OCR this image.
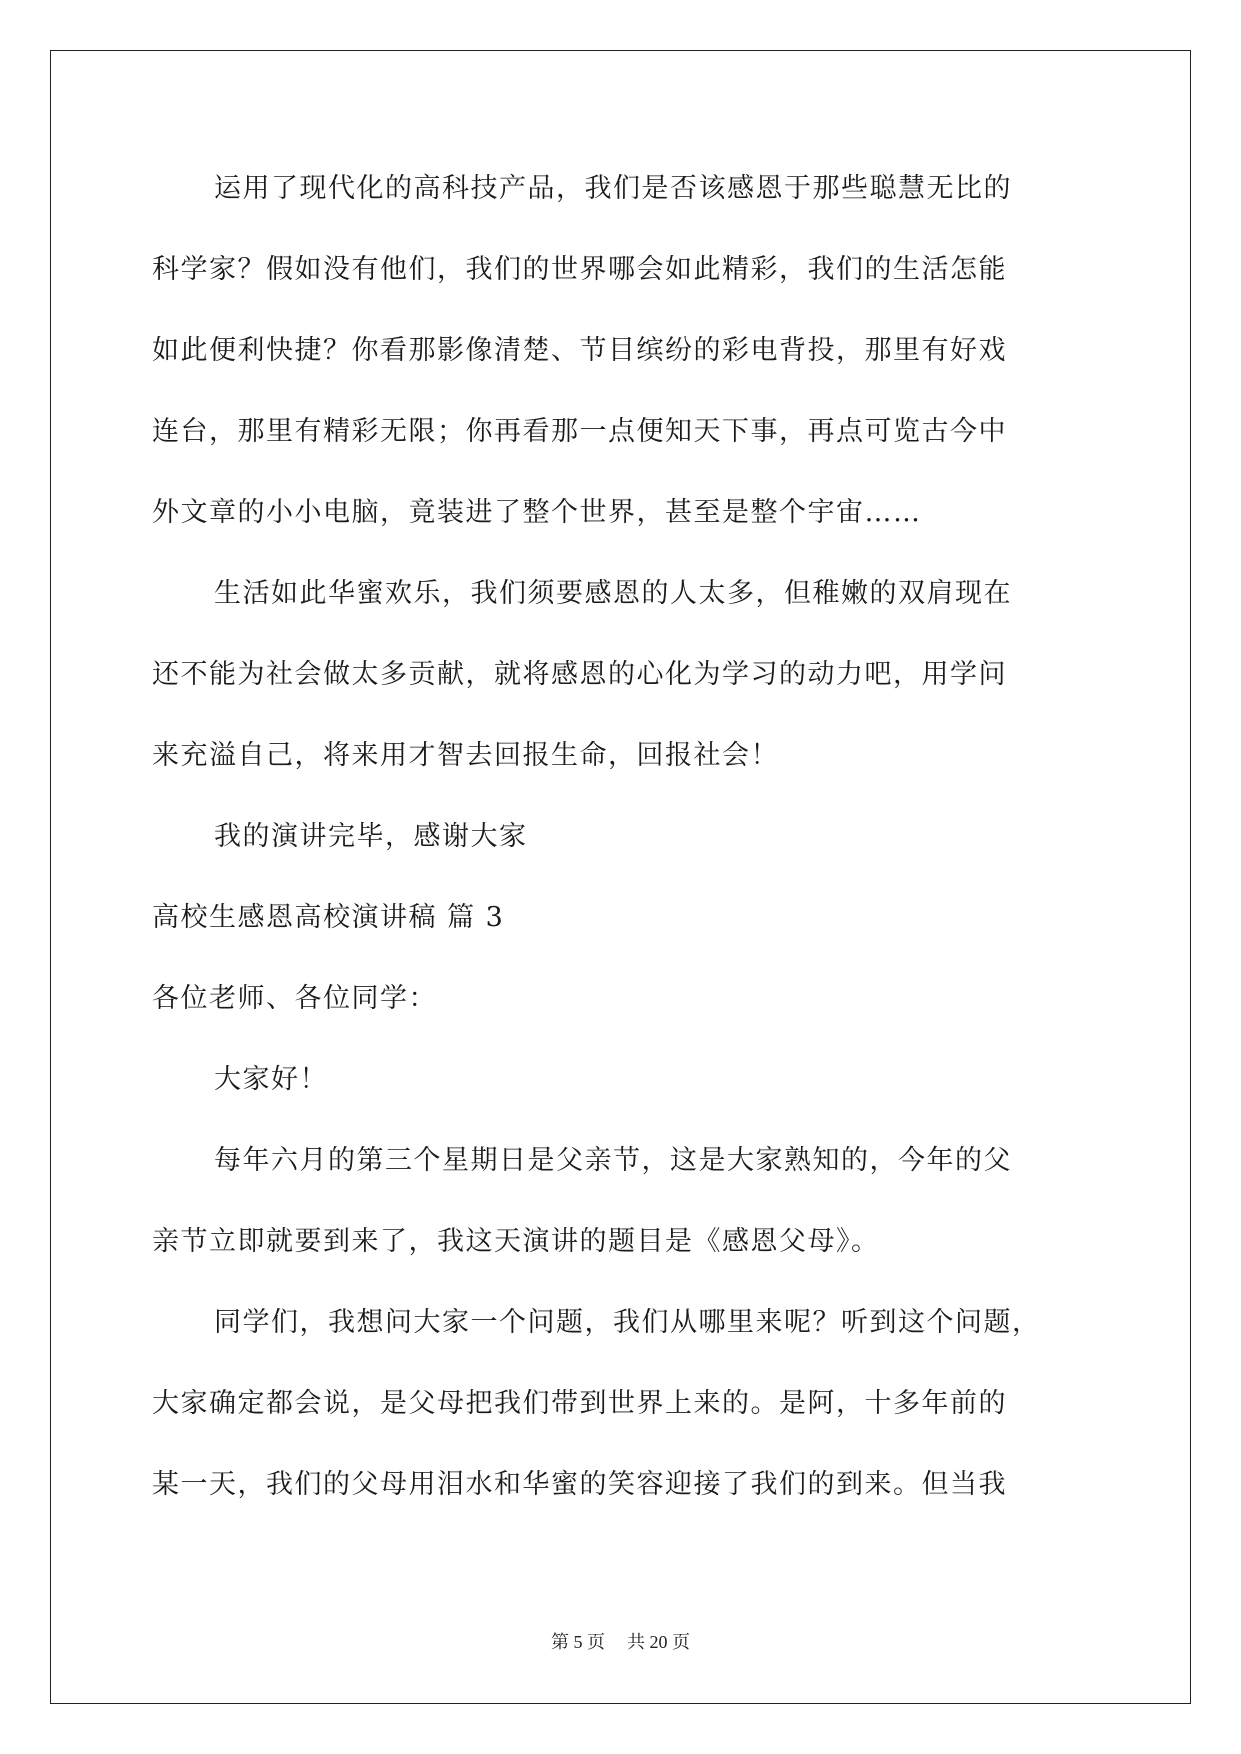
运用了现代化的高科技产品，我们是否该感恩于那些聪慧无比的
科学家？假如没有他们，我们的世界哪会如此精彩，我们的生活怎能
如此便利快捷？你看那影像清楚、节目缤纷的彩电背投，那里有好戏
连台，那里有精彩无限；你再看那一点便知天下事，再点可览古今中
外文章的小小电脑，竟装进了整个世界，甚至是整个宇宙……
生活如此华蜜欢乐，我们须要感恩的人太多，但稚嫩的双肩现在
还不能为社会做太多贡献，就将感恩的心化为学习的动力吧，用学问
来充溢自己，将来用才智去回报生命，回报社会！
我的演讲完毕，感谢大家
高校生感恩高校演讲稿 篇 3
各位老师、各位同学：
大家好！
每年六月的第三个星期日是父亲节，这是大家熟知的，今年的父
亲节立即就要到来了，我这天演讲的题目是《感恩父母》。
同学们，我想问大家一个问题，我们从哪里来呢？听到这个问题，
大家确定都会说，是父母把我们带到世界上来的。是阿，十多年前的
某一天，我们的父母用泪水和华蜜的笑容迎接了我们的到来。但当我
第 5 页 共 20 页
